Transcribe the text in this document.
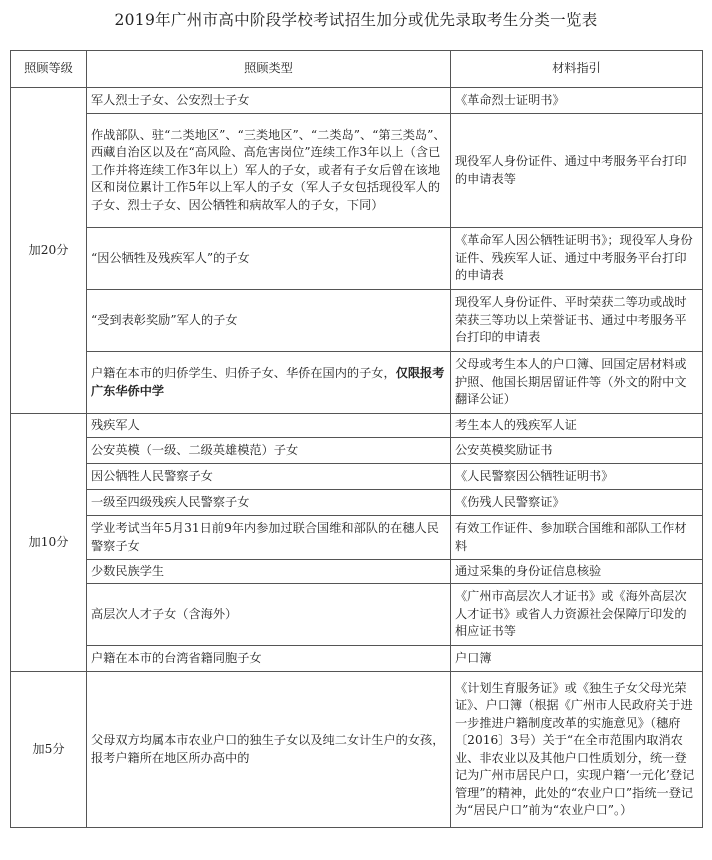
2019年广州市高中阶段学校考试招生加分或优先录取考生分类一览表
照顾等级	照顾类型	材料指引
加20分	军人烈士子女、公安烈士子女	《革命烈士证明书》
	作战部队、驻“二类地区”、“三类地区”、“二类岛”、“第三类岛”、西藏自治区以及在“高风险、高危害岗位”连续工作3年以上（含已工作并将连续工作3年以上）军人的子女，或者有子女后曾在该地区和岗位累计工作5年以上军人的子女（军人子女包括现役军人的子女、烈士子女、因公牺牲和病故军人的子女，下同）	现役军人身份证件、通过中考服务平台打印的申请表等
	“因公牺牲及残疾军人”的子女	《革命军人因公牺牲证明书》；现役军人身份证件、残疾军人证、通过中考服务平台打印的申请表
	“受到表彰奖励”军人的子女	现役军人身份证件、平时荣获二等功或战时荣获三等功以上荣誉证书、通过中考服务平台打印的申请表
	户籍在本市的归侨学生、归侨子女、华侨在国内的子女，仅限报考广东华侨中学	父母或考生本人的户口簿、回国定居材料或护照、他国长期居留证件等（外文的附中文翻译公证）
加10分	残疾军人	考生本人的残疾军人证
	公安英模（一级、二级英雄模范）子女	公安英模奖励证书
	因公牺牲人民警察子女	《人民警察因公牺牲证明书》
	一级至四级残疾人民警察子女	《伤残人民警察证》
	学业考试当年5月31日前9年内参加过联合国维和部队的在穗人民警察子女	有效工作证件、参加联合国维和部队工作材料
	少数民族学生	通过采集的身份证信息核验
	高层次人才子女（含海外）	《广州市高层次人才证书》或《海外高层次人才证书》或省人力资源社会保障厅印发的相应证书等
	户籍在本市的台湾省籍同胞子女	户口簿
加5分	父母双方均属本市农业户口的独生子女以及纯二女计生户的女孩，报考户籍所在地区所办高中的	《计划生育服务证》或《独生子女父母光荣证》、户口簿（根据《广州市人民政府关于进一步推进户籍制度改革的实施意见》（穗府〔2016〕3号）关于“在全市范围内取消农业、非农业以及其他户口性质划分，统一登记为广州市居民户口，实现户籍‘一元化’登记管理”的精神，此处的“农业户口”指统一登记为“居民户口”前为“农业户口”。）
